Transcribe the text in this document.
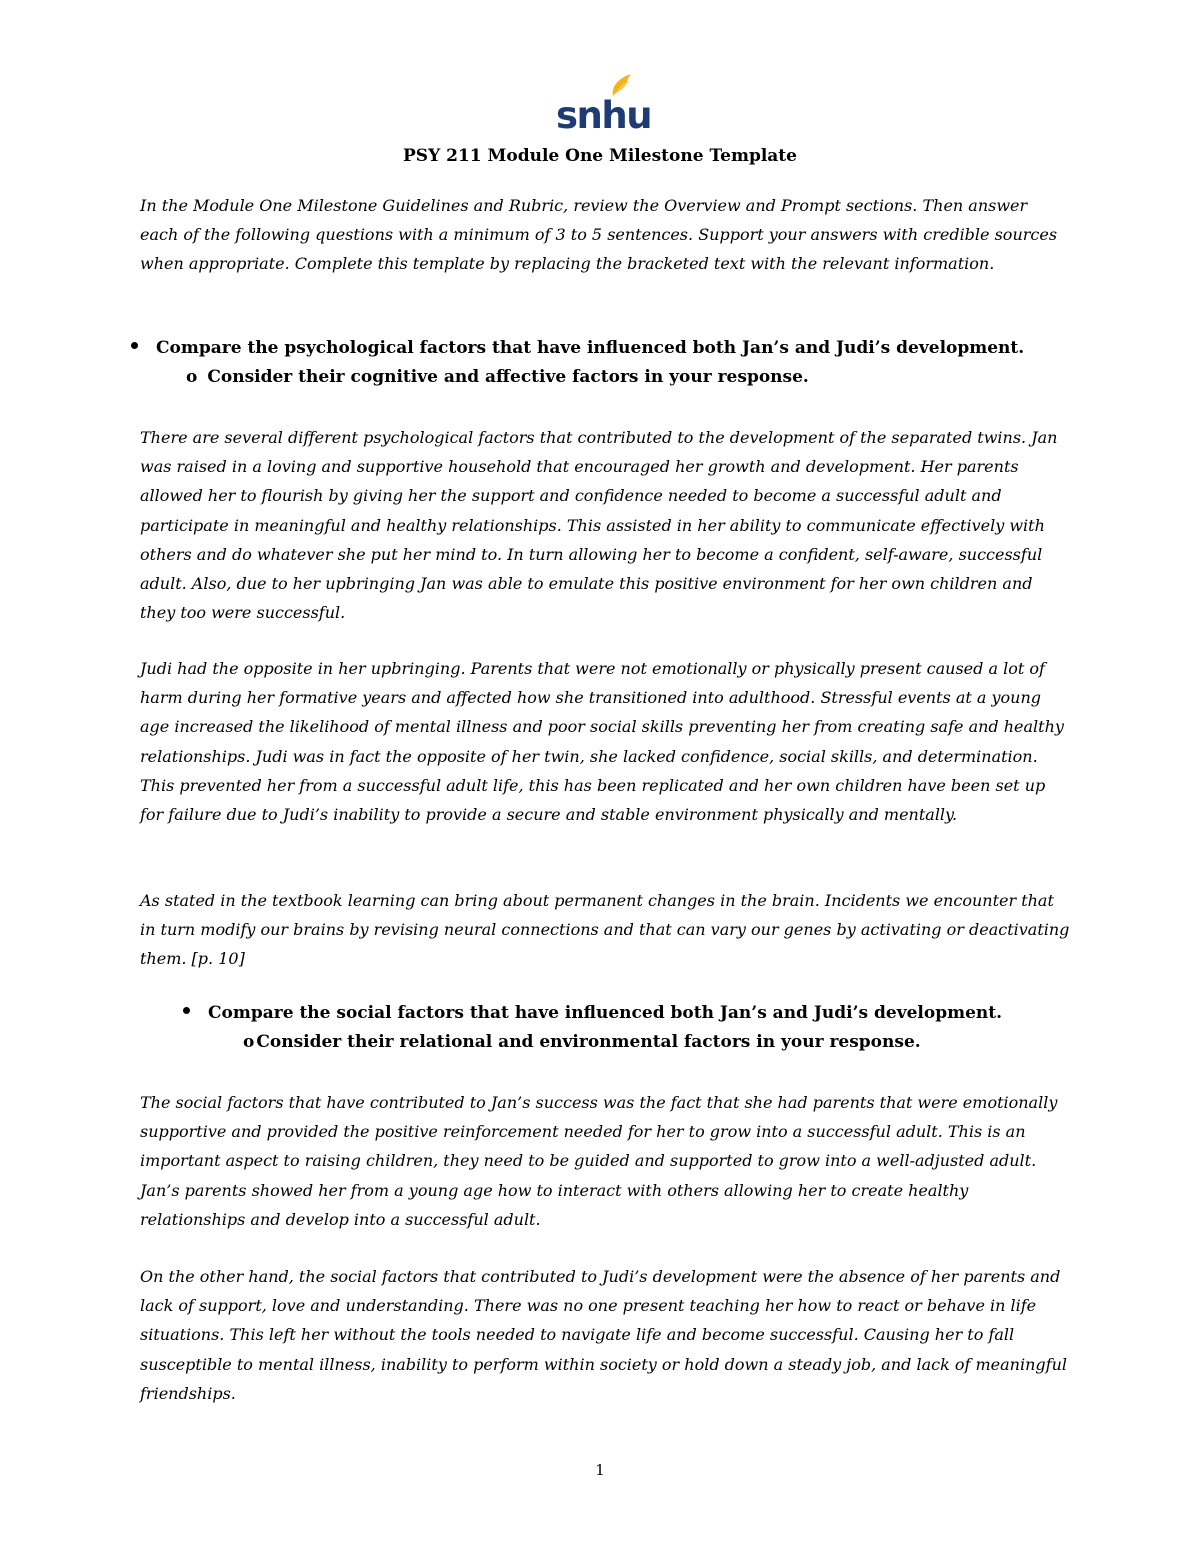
snhu
PSY 211 Module One Milestone Template

In the Module One Milestone Guidelines and Rubric, review the Overview and Prompt sections. Then answer each of the following questions with a minimum of 3 to 5 sentences. Support your answers with credible sources when appropriate. Complete this template by replacing the bracketed text with the relevant information.

Compare the psychological factors that have influenced both Jan’s and Judi’s development.
o Consider their cognitive and affective factors in your response.

There are several different psychological factors that contributed to the development of the separated twins. Jan was raised in a loving and supportive household that encouraged her growth and development. Her parents allowed her to flourish by giving her the support and confidence needed to become a successful adult and participate in meaningful and healthy relationships. This assisted in her ability to communicate effectively with others and do whatever she put her mind to. In turn allowing her to become a confident, self-aware, successful adult. Also, due to her upbringing Jan was able to emulate this positive environment for her own children and they too were successful.

Judi had the opposite in her upbringing. Parents that were not emotionally or physically present caused a lot of harm during her formative years and affected how she transitioned into adulthood. Stressful events at a young age increased the likelihood of mental illness and poor social skills preventing her from creating safe and healthy relationships. Judi was in fact the opposite of her twin, she lacked confidence, social skills, and determination. This prevented her from a successful adult life, this has been replicated and her own children have been set up for failure due to Judi’s inability to provide a secure and stable environment physically and mentally.

As stated in the textbook learning can bring about permanent changes in the brain. Incidents we encounter that in turn modify our brains by revising neural connections and that can vary our genes by activating or deactivating them. [p. 10]

Compare the social factors that have influenced both Jan’s and Judi’s development.
o Consider their relational and environmental factors in your response.

The social factors that have contributed to Jan’s success was the fact that she had parents that were emotionally supportive and provided the positive reinforcement needed for her to grow into a successful adult. This is an important aspect to raising children, they need to be guided and supported to grow into a well-adjusted adult. Jan’s parents showed her from a young age how to interact with others allowing her to create healthy relationships and develop into a successful adult.

On the other hand, the social factors that contributed to Judi’s development were the absence of her parents and lack of support, love and understanding. There was no one present teaching her how to react or behave in life situations. This left her without the tools needed to navigate life and become successful. Causing her to fall susceptible to mental illness, inability to perform within society or hold down a steady job, and lack of meaningful friendships.

1
